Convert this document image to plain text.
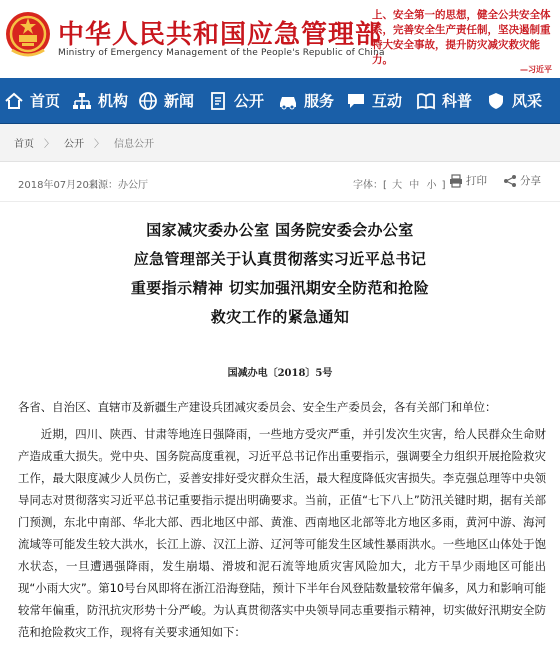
中华人民共和国应急管理部
Ministry of Emergency Management of the People's Republic of China
上、安全第一的思想，健全公共安全体
系，完善安全生产责任制，坚决遏制重
特大安全事故，提升防灾减灾救灾能
力。
—习近平
首页	机构 新闻	公开	服务	互动	科普	风采
首页 〉 公开 〉 信息公开
2018年07月20日
来源：办公厅	字体：[ 大 中 小 ] 打印	分享
国家减灾委办公室 国务院安委会办公室
应急管理部关于认真贯彻落实习近平总书记
重要指示精神 切实加强汛期安全防范和抢险
救灾工作的紧急通知
国减办电〔2018〕5号

各省、自治区、直辖市及新疆生产建设兵团减灾委员会、安全生产委员会，各有关部门和单位：

近期，四川、陕西、甘肃等地连日强降雨，一些地方受灾严重，并引发次生灾害，给人民群众生命财产造成重大损失。党中央、国务院高度重视，习近平总书记作出重要指示，强调要全力组织开展抢险救灾工作，最大限度减少人员伤亡，妥善安排好受灾群众生活，最大程度降低灾害损失。李克强总理等中央领导同志对贯彻落实习近平总书记重要指示提出明确要求。当前，正值“七下八上”防汛关键时期，据有关部门预测，东北中南部、华北大部、西北地区中部、黄淮、西南地区北部等北方地区多雨，黄河中游、海河流域等可能发生较大洪水，长江上游、汉江上游、辽河等可能发生区域性暴雨洪水。一些地区山体处于饱水状态，一旦遭遇强降雨，发生崩塌、滑坡和泥石流等地质灾害风险加大，北方干旱少雨地区可能出现“小雨大灾”。第10号台风即将在浙江沿海登陆，预计下半年台风登陆数量较常年偏多，风力和影响可能较常年偏重，防汛抗灾形势十分严峻。为认真贯彻落实中央领导同志重要指示精神，切实做好汛期安全防范和抢险救灾工作，现将有关要求通知如下：
